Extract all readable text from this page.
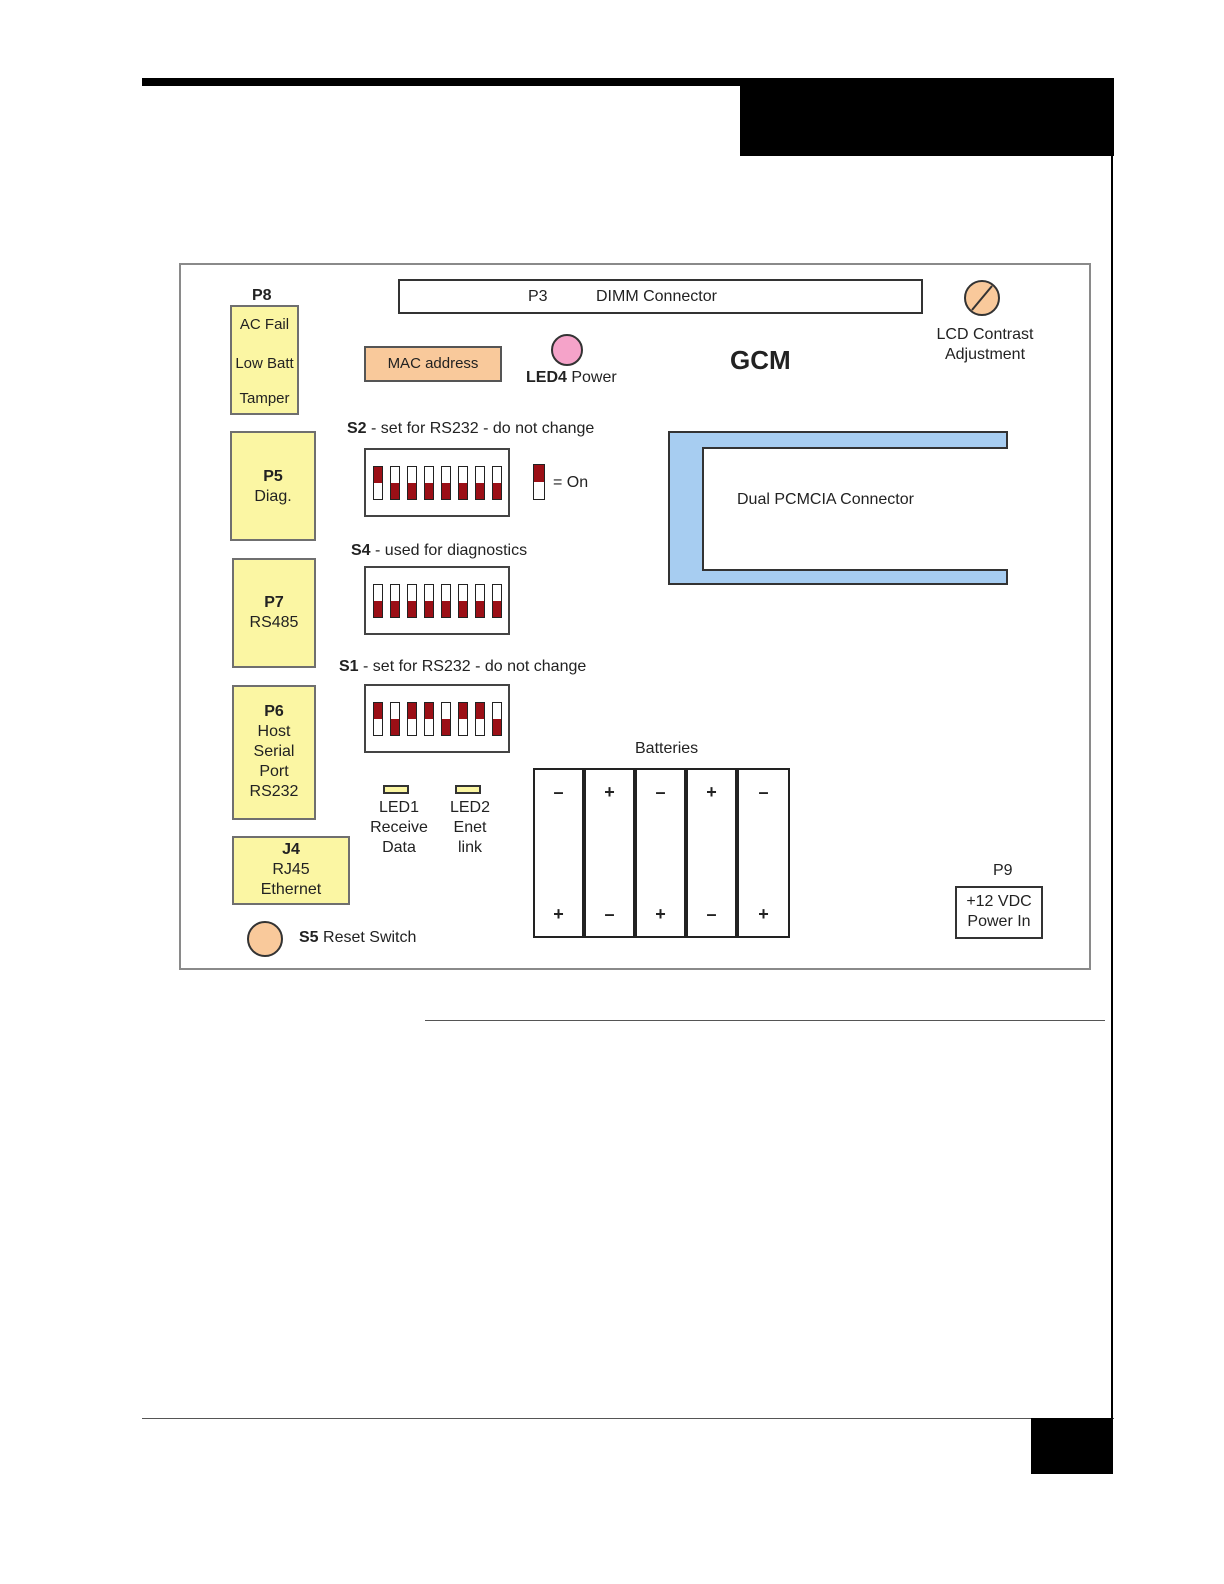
P8
AC Fail
Low Batt
Tamper
P3	DIMM Connector
LCD Contrast
Adjustment
MAC address
LED4 Power
GCM
P5
Diag.
P7
RS485
P6
Host
Serial
Port
RS232
J4
RJ45
Ethernet
S5 Reset Switch
S2 - set for RS232 - do not change
= On
S4 - used for diagnostics
S1 - set for RS232 - do not change
Dual PCMCIA Connector
LED1
Receive
Data
LED2
Enet
link
Batteries
–
+
+
–
–
+
+
–
–
+
P9
+12 VDC
Power In
